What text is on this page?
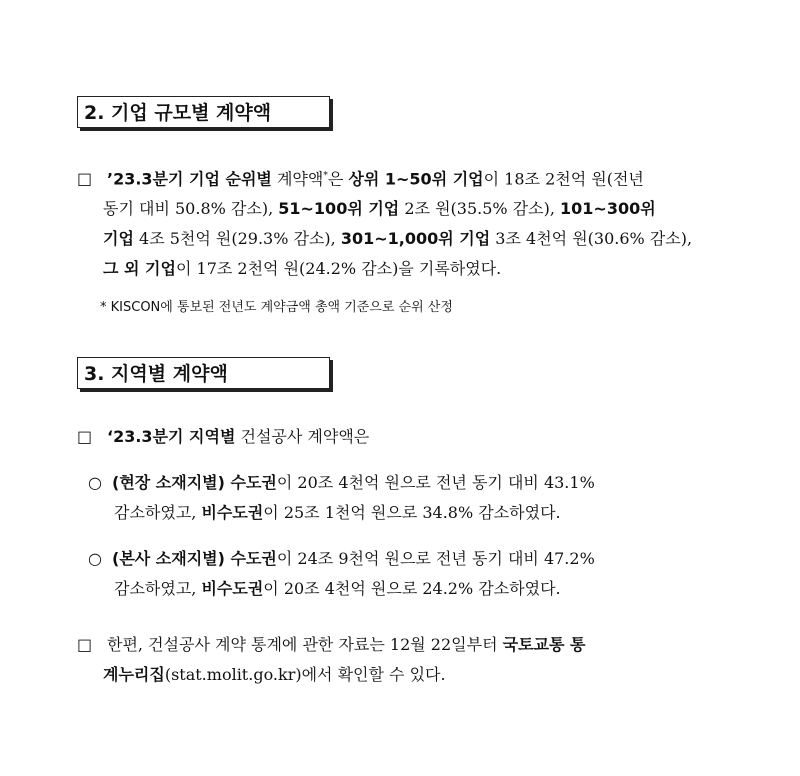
2. 기업 규모별 계약액
□ ’23.3분기 기업 순위별 계약액*은 상위 1~50위 기업이 18조 2천억 원(전년
동기 대비 50.8% 감소), 51~100위 기업 2조 원(35.5% 감소), 101~300위
기업 4조 5천억 원(29.3% 감소), 301~1,000위 기업 3조 4천억 원(30.6% 감소),
그 외 기업이 17조 2천억 원(24.2% 감소)을 기록하였다.
* KISCON에 통보된 전년도 계약금액 총액 기준으로 순위 산정
3. 지역별 계약액
□ ‘23.3분기 지역별 건설공사 계약액은
○ (현장 소재지별) 수도권이 20조 4천억 원으로 전년 동기 대비 43.1%
감소하였고, 비수도권이 25조 1천억 원으로 34.8% 감소하였다.
○ (본사 소재지별) 수도권이 24조 9천억 원으로 전년 동기 대비 47.2%
감소하였고, 비수도권이 20조 4천억 원으로 24.2% 감소하였다.
□ 한편, 건설공사 계약 통계에 관한 자료는 12월 22일부터 국토교통 통
계누리집(stat.molit.go.kr)에서 확인할 수 있다.
